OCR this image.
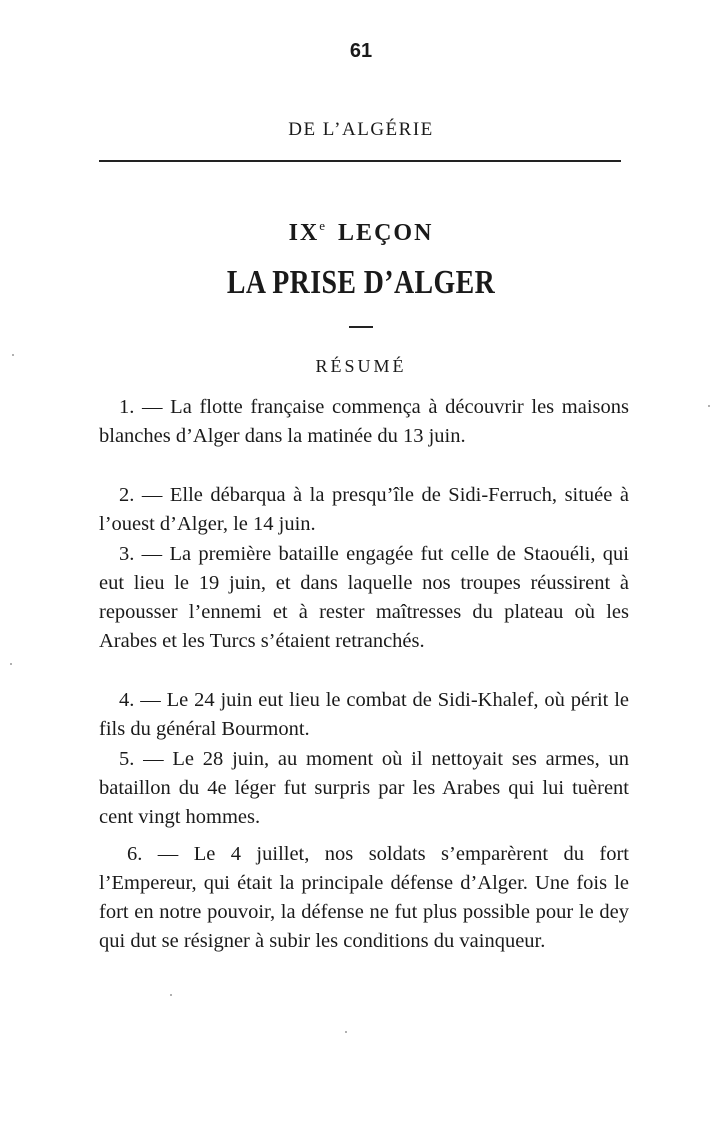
61
DE L’ALGÉRIE
IXe LEÇON
LA PRISE D’ALGER
RÉSUMÉ

1. — La flotte française commença à découvrir les maisons blanches d’Alger dans la matinée du 13 juin.

2. — Elle débarqua à la presqu’île de Sidi-Ferruch, située à l’ouest d’Alger, le 14 juin.

3. — La première bataille engagée fut celle de Staouéli, qui eut lieu le 19 juin, et dans laquelle nos troupes réussirent à repousser l’ennemi et à rester maîtresses du plateau où les Arabes et les Turcs s’étaient retranchés.

4. — Le 24 juin eut lieu le combat de Sidi-Khalef, où périt le fils du général Bourmont.

5. — Le 28 juin, au moment où il nettoyait ses armes, un bataillon du 4e léger fut surpris par les Arabes qui lui tuèrent cent vingt hommes.

6. — Le 4 juillet, nos soldats s’emparèrent du fort l’Empereur, qui était la principale défense d’Alger. Une fois le fort en notre pouvoir, la défense ne fut plus possible pour le dey qui dut se résigner à subir les conditions du vainqueur.
